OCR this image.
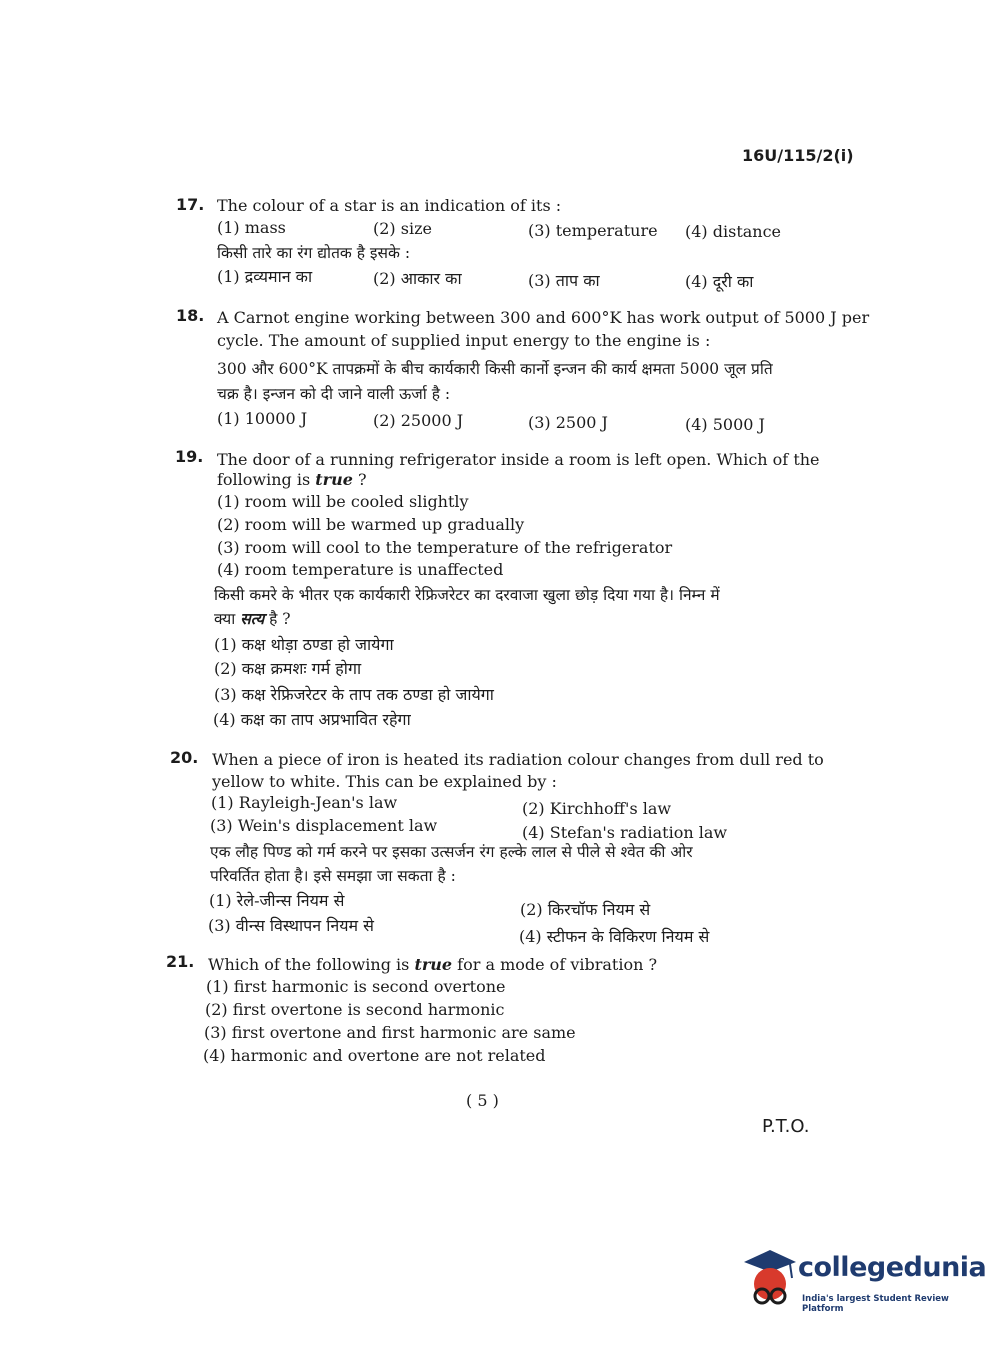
16U/115/2(i)
17. The colour of a star is an indication of its :
(1) mass	(2) size	(3) temperature (4) distance
किसी तारे का रंग द्योतक है इसके :
(1) द्रव्यमान का	(2) आकार का	(3) ताप का	(4) दूरी का
18. A Carnot engine working between 300 and 600°K has work output of 5000 J per
cycle. The amount of supplied input energy to the engine is :
300 और 600°K तापक्रमों के बीच कार्यकारी किसी कार्नो इन्जन की कार्य क्षमता 5000 जूल प्रति
चक्र है। इन्जन को दी जाने वाली ऊर्जा है :
(1) 10000 J	(2) 25000 J	(3) 2500 J	(4) 5000 J
19. The door of a running refrigerator inside a room is left open. Which of the
following is true ?
(1) room will be cooled slightly
(2) room will be warmed up gradually
(3) room will cool to the temperature of the refrigerator
(4) room temperature is unaffected
किसी कमरे के भीतर एक कार्यकारी रेफ्रिजरेटर का दरवाजा खुला छोड़ दिया गया है। निम्न में
क्या सत्य है ?
(1) कक्ष थोड़ा ठण्डा हो जायेगा
(2) कक्ष क्रमशः गर्म होगा
(3) कक्ष रेफ्रिजरेटर के ताप तक ठण्डा हो जायेगा
(4) कक्ष का ताप अप्रभावित रहेगा
20. When a piece of iron is heated its radiation colour changes from dull red to
yellow to white. This can be explained by :
(1) Rayleigh-Jean's law	(2) Kirchhoff's law
(3) Wein's displacement law	(4) Stefan's radiation law
एक लौह पिण्ड को गर्म करने पर इसका उत्सर्जन रंग हल्के लाल से पीले से श्वेत की ओर
परिवर्तित होता है। इसे समझा जा सकता है :
(1) रेले-जीन्स नियम से	(2) किरचॉफ नियम से
(3) वीन्स विस्थापन नियम से
(4) स्टीफन के विकिरण नियम से
21. Which of the following is true for a mode of vibration ?
(1) first harmonic is second overtone
(2) first overtone is second harmonic
(3) first overtone and first harmonic are same
(4) harmonic and overtone are not related
( 5 )
P.T.O.
collegedunia
India's largest Student Review Platform
